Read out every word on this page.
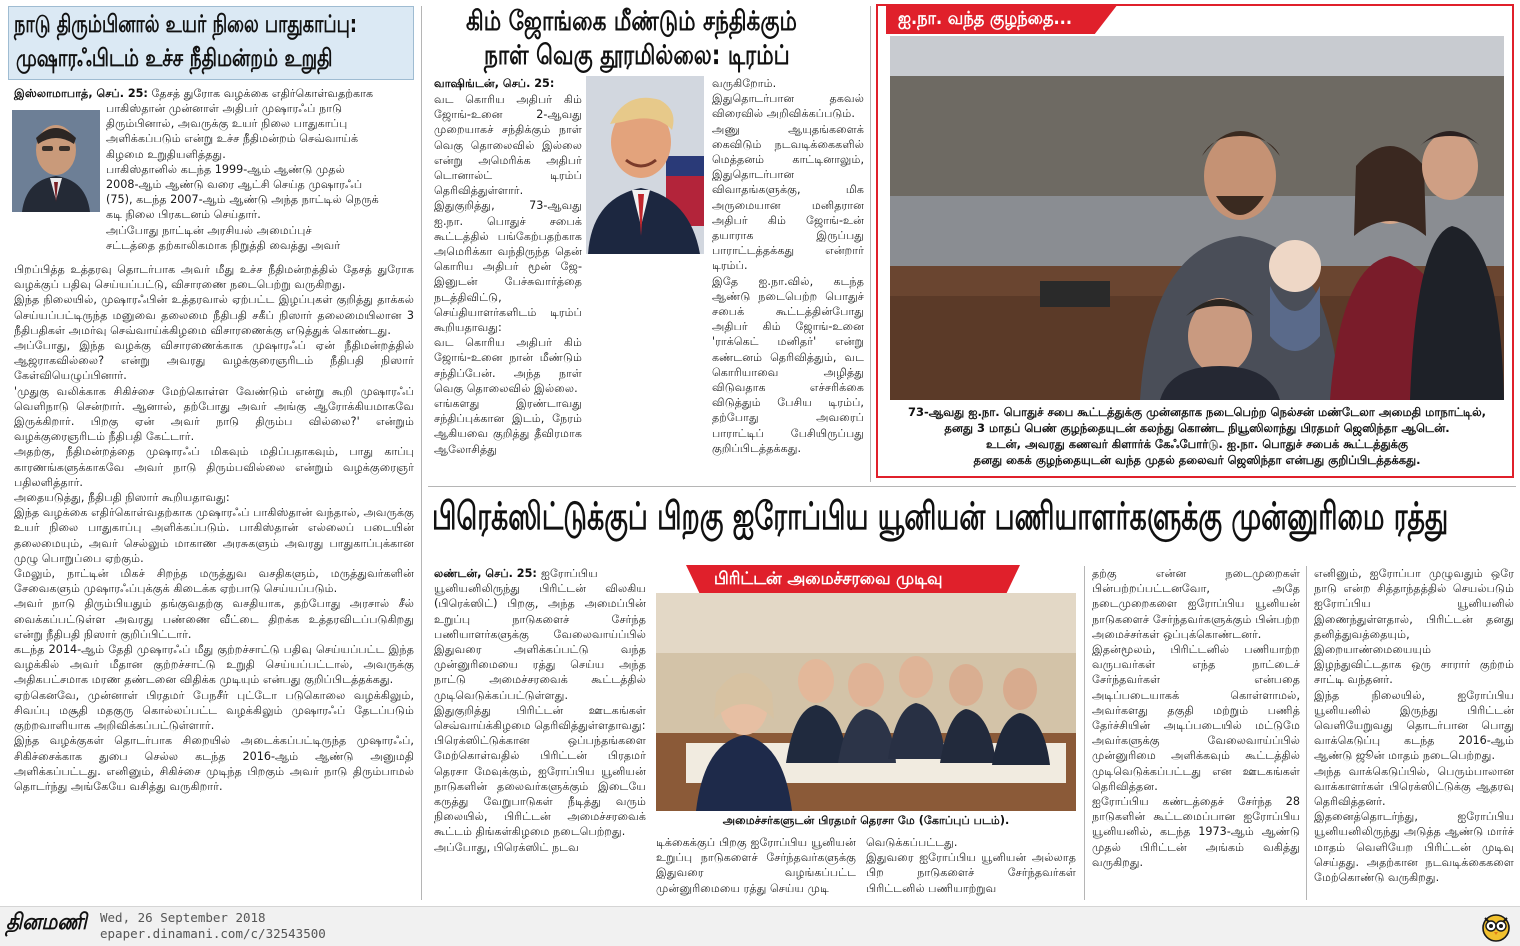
நாடு திரும்பினால் உயர் நிலை பாதுகாப்பு:
முஷாரஃபிடம் உச்ச நீதிமன்றம் உறுதி
இஸ்லாமாபாத், செப். 25: தேசத் துரோக வழக்கை எதிர்கொள்வதற்காக
பாகிஸ்தான் முன்னாள் அதிபர் முஷாரஃப் நாடு
திரும்பினால், அவருக்கு உயர் நிலை பாதுகாப்பு
அளிக்கப்படும் என்று உச்ச நீதிமன்றம் செவ்வாய்க்
கிழமை உறுதியளித்தது.
பாகிஸ்தானில் கடந்த 1999-ஆம் ஆண்டு முதல்
2008-ஆம் ஆண்டு வரை ஆட்சி செய்த முஷாரஃப்
(75), கடந்த 2007-ஆம் ஆண்டு அந்த நாட்டில் நெருக்
கடி நிலை பிரகடனம் செய்தார்.
அப்போது நாட்டின் அரசியல் அமைப்புச்
சட்டத்தை தற்காலிகமாக நிறுத்தி வைத்து அவர்
பிறப்பித்த உத்தரவு தொடர்பாக அவர் மீது உச்ச நீதிமன்றத்தில் தேசத் துரோக வழக்குப் பதிவு செய்யப்பட்டு, விசாரணை நடைபெற்று வருகிறது.
இந்த நிலையில், முஷாரஃபின் உத்தரவால் ஏற்பட்ட இழப்புகள் குறித்து தாக்கல் செய்யப்பட்டிருந்த மனுவை தலைமை நீதிபதி சகீப் நிஸார் தலைமையிலான 3 நீதிபதிகள் அமர்வு செவ்வாய்க்கிழமை விசாரணைக்கு எடுத்துக் கொண்டது.
அப்போது, இந்த வழக்கு விசாரணைக்காக முஷாரஃப் ஏன் நீதிமன்றத்தில் ஆஜராகவில்லை? என்று அவரது வழக்குரைஞரிடம் நீதிபதி நிஸார் கேள்வியெழுப்பினார்.
'முதுகு வலிக்காக சிகிச்சை மேற்கொள்ள வேண்டும் என்று கூறி முஷாரஃப் வெளிநாடு சென்றார். ஆனால், தற்போது அவர் அங்கு ஆரோக்கியமாகவே இருக்கிறார். பிறகு ஏன் அவர் நாடு திரும்ப வில்லை?' என்றும் வழக்குரைஞரிடம் நீதிபதி கேட்டார்.
அதற்கு, நீதிமன்றத்தை முஷாரஃப் மிகவும் மதிப்பதாகவும், பாது காப்பு காரணங்களுக்காகவே அவர் நாடு திரும்பவில்லை என்றும் வழக்குரைஞர் பதிலளித்தார்.
அதையடுத்து, நீதிபதி நிஸார் கூறியதாவது:
இந்த வழக்கை எதிர்கொள்வதற்காக முஷாரஃப் பாகிஸ்தான் வந்தால், அவருக்கு உயர் நிலை பாதுகாப்பு அளிக்கப்படும். பாகிஸ்தான் எல்லைப் படையின் தலைமையும், அவர் செல்லும் மாகாண அரசுகளும் அவரது பாதுகாப்புக்கான முழு பொறுப்பை ஏற்கும்.
மேலும், நாட்டின் மிகச் சிறந்த மருத்துவ வசதிகளும், மருத்துவர்களின் சேவைகளும் முஷாரஃப்புக்குக் கிடைக்க ஏற்பாடு செய்யப்படும்.
அவர் நாடு திரும்பியதும் தங்குவதற்கு வசதியாக, தற்போது அரசால் சீல் வைக்கப்பட்டுள்ள அவரது பண்ணை வீட்டை திறக்க உத்தரவிடப்படுகிறது என்று நீதிபதி நிஸார் குறிப்பிட்டார்.
கடந்த 2014-ஆம் தேதி முஷாரஃப் மீது குற்றச்சாட்டு பதிவு செய்யப்பட்ட இந்த வழக்கில் அவர் மீதான குற்றச்சாட்டு உறுதி செய்யப்பட்டால், அவருக்கு அதிகபட்சமாக மரண தண்டனை விதிக்க முடியும் என்பது குறிப்பிடத்தக்கது.
ஏற்கெனவே, முன்னாள் பிரதமர் பேநசீர் புட்டோ படுகொலை வழக்கிலும், சிவப்பு மசூதி மதகுரு கொல்லப்பட்ட வழக்கிலும் முஷாரஃப் தேடப்படும் குற்றவாளியாக அறிவிக்கப்பட்டுள்ளார்.
இந்த வழக்குகள் தொடர்பாக சிறையில் அடைக்கப்பட்டிருந்த முஷாரஃப், சிகிச்சைக்காக துபை செல்ல கடந்த 2016-ஆம் ஆண்டு அனுமதி அளிக்கப்பட்டது. எனினும், சிகிச்சை முடிந்த பிறகும் அவர் நாடு திரும்பாமல் தொடர்ந்து அங்கேயே வசித்து வருகிறார்.
கிம் ஜோங்கை மீண்டும் சந்திக்கும்
நாள் வெகு தூரமில்லை: டிரம்ப்
வாஷிங்டன், செப். 25:
வட கொரிய அதிபர் கிம் ஜோங்-உனை 2-ஆவது முறையாகச் சந்திக்கும் நாள் வெகு தொலைவில் இல்லை என்று அமெரிக்க அதிபர் டொனால்ட் டிரம்ப் தெரிவித்துள்ளார்.
இதுகுறித்து, 73-ஆவது ஐ.நா. பொதுச் சபைக் கூட்டத்தில் பங்கேற்பதற்காக அமெரிக்கா வந்திருந்த தென் கொரிய அதிபர் மூன் ஜே-இனுடன் பேச்சுவார்த்தை நடத்திவிட்டு, செய்தியாளர்களிடம் டிரம்ப் கூறியதாவது:
வட கொரிய அதிபர் கிம் ஜோங்-உனை நான் மீண்டும் சந்திப்பேன். அந்த நாள் வெகு தொலைவில் இல்லை.
எங்களது இரண்டாவது சந்திப்புக்கான இடம், நேரம் ஆகியவை குறித்து தீவிரமாக ஆலோசித்து
வருகிறோம்.
இதுதொடர்பான தகவல் விரைவில் அறிவிக்கப்படும்.
அணு ஆயுதங்களைக் கைவிடும் நடவடிக்கைகளில் மெத்தனம் காட்டினாலும், இதுதொடர்பான விவாதங்களுக்கு, மிக அருமையான மனிதரான அதிபர் கிம் ஜோங்-உன் தயாராக இருப்பது பாராட்டத்தக்கது என்றார் டிரம்ப்.
இதே ஐ.நா.வில், கடந்த ஆண்டு நடைபெற்ற பொதுச் சபைக் கூட்டத்தின்போது அதிபர் கிம் ஜோங்-உனை 'ராக்கெட் மனிதர்' என்று கண்டனம் தெரிவித்தும், வட கொரியாவை அழித்து விடுவதாக எச்சரிக்கை விடுத்தும் பேசிய டிரம்ப், தற்போது அவரைப் பாராட்டிப் பேசியிருப்பது குறிப்பிடத்தக்கது.
ஐ.நா. வந்த குழந்தை...
73-ஆவது ஐ.நா. பொதுச் சபை கூட்டத்துக்கு முன்னதாக நடைபெற்ற நெல்சன் மண்டேலா அமைதி மாநாட்டில்,
தனது 3 மாதப் பெண் குழந்தையுடன் கலந்து கொண்ட நியூஸிலாந்து பிரதமர் ஜெஸிந்தா ஆடென்.
உடன், அவரது கணவர் கிளார்க் கேஃபோர்டு. ஐ.நா. பொதுச் சபைக் கூட்டத்துக்கு
தனது கைக் குழந்தையுடன் வந்த முதல் தலைவர் ஜெஸிந்தா என்பது குறிப்பிடத்தக்கது.
பிரெக்ஸிட்டுக்குப் பிறகு ஐரோப்பிய யூனியன் பணியாளர்களுக்கு முன்னுரிமை ரத்து
லண்டன், செப். 25: ஐரோப்பிய யூனியனிலிருந்து பிரிட்டன் விலகிய (பிரெக்ஸிட்) பிறகு, அந்த அமைப்பின் உறுப்பு நாடுகளைச் சேர்ந்த பணியாளர்களுக்கு வேலைவாய்ப்பில் இதுவரை அளிக்கப்பட்டு வந்த முன்னுரிமையை ரத்து செய்ய அந்த நாட்டு அமைச்சரவைக் கூட்டத்தில் முடிவெடுக்கப்பட்டுள்ளது.
இதுகுறித்து பிரிட்டன் ஊடகங்கள் செவ்வாய்க்கிழமை தெரிவித்துள்ளதாவது:
பிரெக்ஸிட்டுக்கான ஒப்பந்தங்களை மேற்கொள்வதில் பிரிட்டன் பிரதமர் தெரசா மேவுக்கும், ஐரோப்பிய யூனியன் நாடுகளின் தலைவர்களுக்கும் இடையே கருத்து வேறுபாடுகள் நீடித்து வரும் நிலையில், பிரிட்டன் அமைச்சரவைக் கூட்டம் திங்கள்கிழமை நடைபெற்றது.
அப்போது, பிரெக்ஸிட் நடவ
பிரிட்டன் அமைச்சரவை முடிவு
அமைச்சர்களுடன் பிரதமர் தெரசா மே (கோப்புப் படம்).
டிக்கைக்குப் பிறகு ஐரோப்பிய யூனியன் உறுப்பு நாடுகளைச் சேர்ந்தவர்களுக்கு இதுவரை வழங்கப்பட்ட முன்னுரிமையை ரத்து செய்ய முடி
வெடுக்கப்பட்டது.
இதுவரை ஐரோப்பிய யூனியன் அல்லாத பிற நாடுகளைச் சேர்ந்தவர்கள் பிரிட்டனில் பணியாற்றுவ
தற்கு என்ன நடைமுறைகள் பின்பற்றப்பட்டனவோ, அதே நடைமுறைகளை ஐரோப்பிய யூனியன் நாடுகளைச் சேர்ந்தவர்களுக்கும் பின்பற்ற அமைச்சர்கள் ஒப்புக்கொண்டனர்.
இதன்மூலம், பிரிட்டனில் பணியாற்ற வருபவர்கள் எந்த நாட்டைச் சேர்ந்தவர்கள் என்பதை அடிப்படையாகக் கொள்ளாமல், அவர்களது தகுதி மற்றும் பணித் தேர்ச்சியின் அடிப்படையில் மட்டுமே அவர்களுக்கு வேலைவாய்ப்பில் முன்னுரிமை அளிக்கவும் கூட்டத்தில் முடிவெடுக்கப்பட்டது என ஊடகங்கள் தெரிவித்தன.
ஐரோப்பிய கண்டத்தைச் சேர்ந்த 28 நாடுகளின் கூட்டமைப்பான ஐரோப்பிய யூனியனில், கடந்த 1973-ஆம் ஆண்டு முதல் பிரிட்டன் அங்கம் வகித்து வருகிறது.
எனினும், ஐரோப்பா முழுவதும் ஒரே நாடு என்ற சித்தாந்தத்தில் செயல்படும் ஐரோப்பிய யூனியனில் இணைந்துள்ளதால், பிரிட்டன் தனது தனித்துவத்தையும், இறையாண்மையையும் இழந்துவிட்டதாக ஒரு சாரார் குற்றம் சாட்டி வந்தனர்.
இந்த நிலையில், ஐரோப்பிய யூனியனில் இருந்து பிரிட்டன் வெளியேறுவது தொடர்பான பொது வாக்கெடுப்பு கடந்த 2016-ஆம் ஆண்டு ஜூன் மாதம் நடைபெற்றது.
அந்த வாக்கெடுப்பில், பெரும்பாலான வாக்காளர்கள் பிரெக்ஸிட்டுக்கு ஆதரவு தெரிவித்தனர்.
இதனைத்தொடர்ந்து, ஐரோப்பிய யூனியனிலிருந்து அடுத்த ஆண்டு மார்ச் மாதம் வெளியேற பிரிட்டன் முடிவு செய்தது. அதற்கான நடவடிக்கைகளை மேற்கொண்டு வருகிறது.
தினமணி Wed, 26 September 2018
epaper.dinamani.com/c/32543500
